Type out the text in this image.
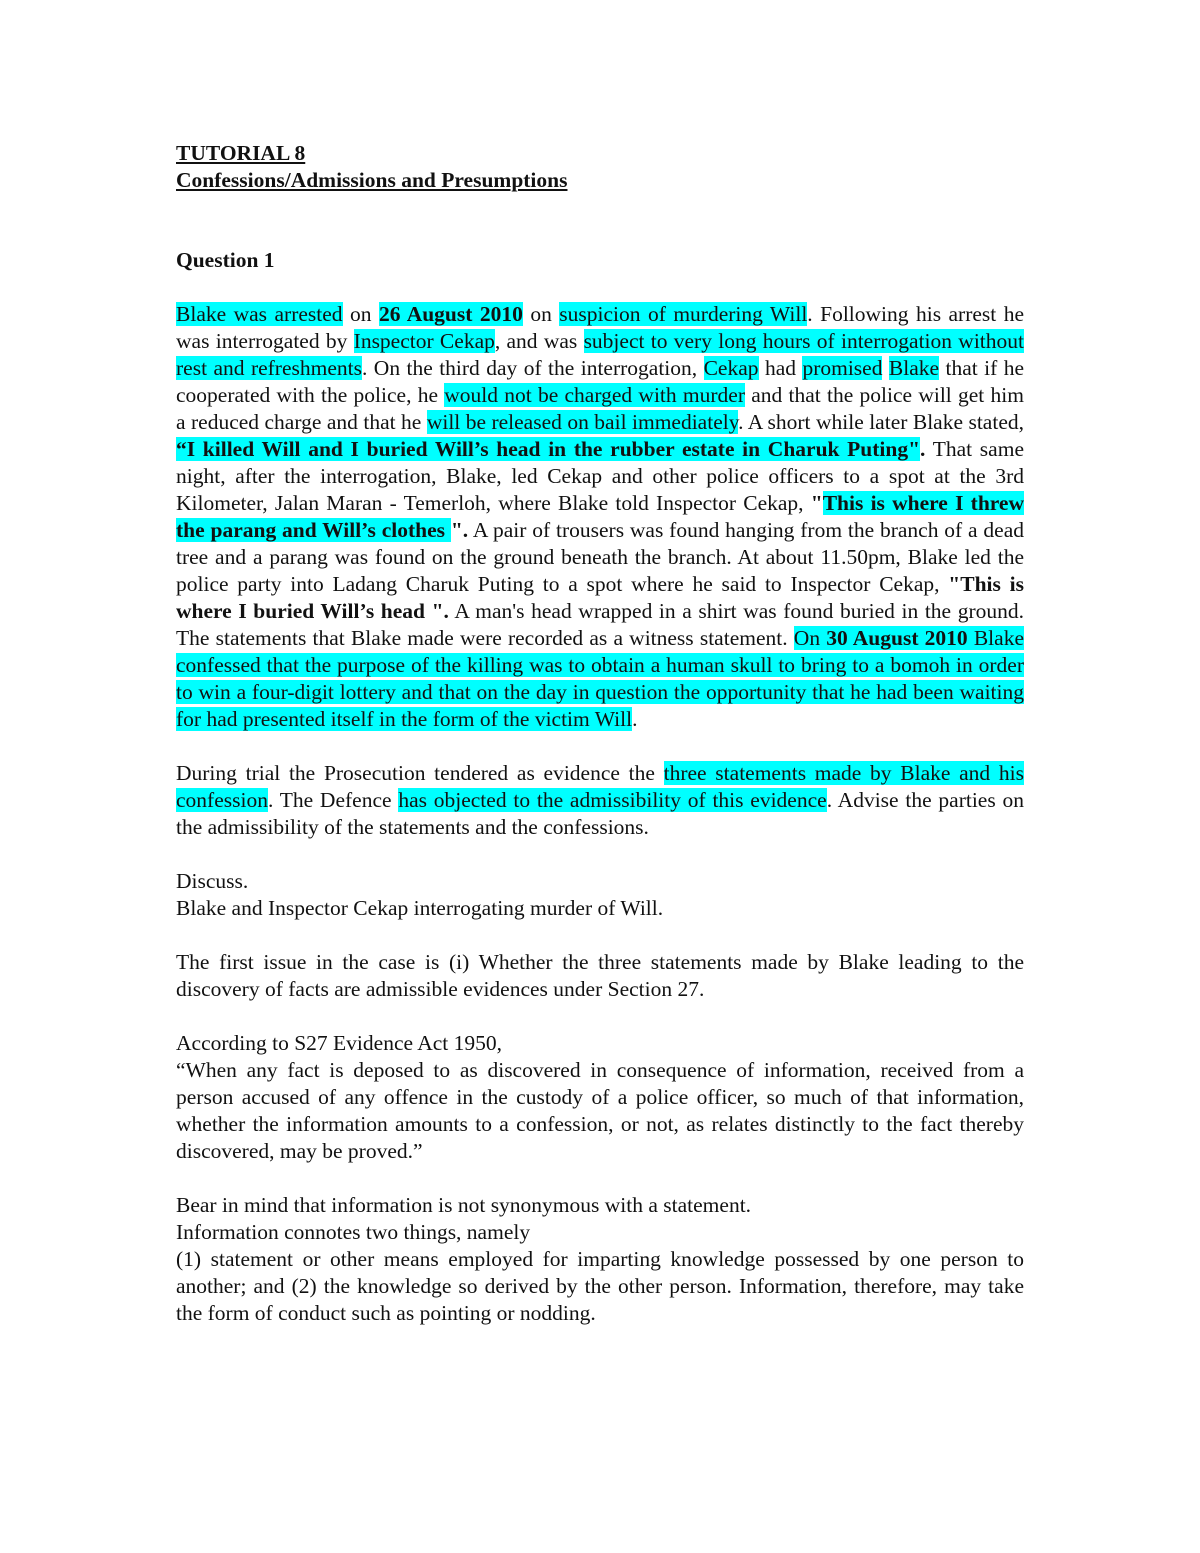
TUTORIAL 8

Confessions/Admissions and Presumptions

Question 1

Blake was arrested on 26 August 2010 on suspicion of murdering Will. Following his arrest he was interrogated by Inspector Cekap, and was subject to very long hours of interrogation without rest and refreshments. On the third day of the interrogation, Cekap had promised Blake that if he cooperated with the police, he would not be charged with murder and that the police will get him a reduced charge and that he will be released on bail immediately. A short while later Blake stated, “I killed Will and I buried Will’s head in the rubber estate in Charuk Puting". That same night, after the interrogation, Blake, led Cekap and other police officers to a spot at the 3rd Kilometer, Jalan Maran - Temerloh, where Blake told Inspector Cekap, "This is where I threw the parang and Will’s clothes ". A pair of trousers was found hanging from the branch of a dead tree and a parang was found on the ground beneath the branch. At about 11.50pm, Blake led the police party into Ladang Charuk Puting to a spot where he said to Inspector Cekap, "This is where I buried Will’s head ". A man's head wrapped in a shirt was found buried in the ground. The statements that Blake made were recorded as a witness statement. On 30 August 2010 Blake confessed that the purpose of the killing was to obtain a human skull to bring to a bomoh in order to win a four-digit lottery and that on the day in question the opportunity that he had been waiting for had presented itself in the form of the victim Will.

During trial the Prosecution tendered as evidence the three statements made by Blake and his confession. The Defence has objected to the admissibility of this evidence. Advise the parties on the admissibility of the statements and the confessions.

Discuss.

Blake and Inspector Cekap interrogating murder of Will.

The first issue in the case is (i) Whether the three statements made by Blake leading to the discovery of facts are admissible evidences under Section 27.

According to S27 Evidence Act 1950,

“When any fact is deposed to as discovered in consequence of information, received from a person accused of any offence in the custody of a police officer, so much of that information, whether the information amounts to a confession, or not, as relates distinctly to the fact thereby discovered, may be proved.”

Bear in mind that information is not synonymous with a statement.

Information connotes two things, namely

(1) statement or other means employed for imparting knowledge possessed by one person to another; and (2) the knowledge so derived by the other person. Information, therefore, may take the form of conduct such as pointing or nodding.
